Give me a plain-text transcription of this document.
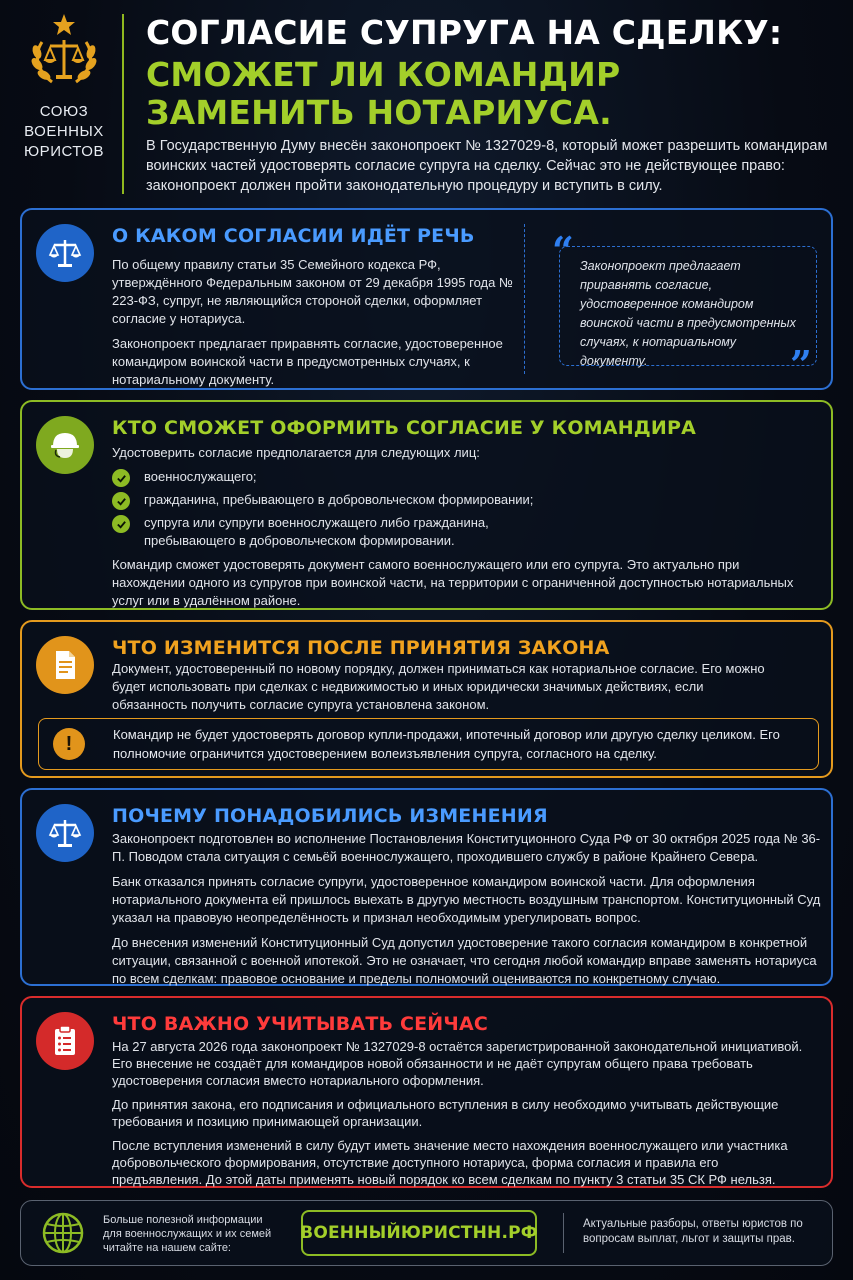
СОЮЗ
ВОЕННЫХ
ЮРИСТОВ
СОГЛАСИЕ СУПРУГА НА СДЕЛКУ:
СМОЖЕТ ЛИ КОМАНДИР ЗАМЕНИТЬ НОТАРИУСА.
В Государственную Думу внесён законопроект № 1327029-8, который может разрешить командирам воинских частей удостоверять согласие супруга на сделку. Сейчас это не действующее право: законопроект должен пройти законодательную процедуру и вступить в силу.
О КАКОМ СОГЛАСИИ ИДЁТ РЕЧЬ

По общему правилу статьи 35 Семейного кодекса РФ, утверждённого Федеральным законом от 29 декабря 1995 года № 223-ФЗ, супруг, не являющийся стороной сделки, оформляет согласие у нотариуса.

Законопроект предлагает приравнять согласие, удостоверенное командиром воинской части в предусмотренных случаях, к нотариальному документу.

“ Законопроект предлагает приравнять согласие, удостоверенное командиром воинской части в предусмотренных случаях, к нотариальному документу.	”
КТО СМОЖЕТ ОФОРМИТЬ СОГЛАСИЕ У КОМАНДИРА

Удостоверить согласие предполагается для следующих лиц:

военнослужащего;
гражданина, пребывающего в добровольческом формировании;
супруга или супруги военнослужащего либо гражданина, пребывающего в добровольческом формировании.

Командир сможет удостоверять документ самого военнослужащего или его супруга. Это актуально при нахождении одного из супругов при воинской части, на территории с ограниченной доступностью нотариальных услуг или в удалённом районе.

ЧТО ИЗМЕНИТСЯ ПОСЛЕ ПРИНЯТИЯ ЗАКОНА
Документ, удостоверенный по новому порядку, должен приниматься как нотариальное согласие. Его можно будет использовать при сделках с недвижимостью и иных юридически значимых действиях, если обязанность получить согласие супруга установлена законом.
!	Командир не будет удостоверять договор купли-продажи, ипотечный договор или другую сделку целиком. Его полномочие ограничится удостоверением волеизъявления супруга, согласного на сделку.
ПОЧЕМУ ПОНАДОБИЛИСЬ ИЗМЕНЕНИЯ

Законопроект подготовлен во исполнение Постановления Конституционного Суда РФ от 30 октября 2025 года № 36-П. Поводом стала ситуация с семьёй военнослужащего, проходившего службу в районе Крайнего Севера.

Банк отказался принять согласие супруги, удостоверенное командиром воинской части. Для оформления нотариального документа ей пришлось выехать в другую местность воздушным транспортом. Конституционный Суд указал на правовую неопределённость и признал необходимым урегулировать вопрос.

До внесения изменений Конституционный Суд допустил удостоверение такого согласия командиром в конкретной ситуации, связанной с военной ипотекой. Это не означает, что сегодня любой командир вправе заменять нотариуса по всем сделкам: правовое основание и пределы полномочий оцениваются по конкретному случаю.

ЧТО ВАЖНО УЧИТЫВАТЬ СЕЙЧАС

На 27 августа 2026 года законопроект № 1327029-8 остаётся зарегистрированной законодательной инициативой. Его внесение не создаёт для командиров новой обязанности и не даёт супругам общего права требовать удостоверения согласия вместо нотариального оформления.

До принятия закона, его подписания и официального вступления в силу необходимо учитывать действующие требования и позицию принимающей организации.

После вступления изменений в силу будут иметь значение место нахождения военнослужащего или участника добровольческого формирования, отсутствие доступного нотариуса, форма согласия и правила его предъявления. До этой даты применять новый порядок ко всем сделкам по пункту 3 статьи 35 СК РФ нельзя.

Больше полезной информации для военнослужащих и их семей читайте на нашем сайте:
ВОЕННЫЙЮРИСТНН.РФ	Актуальные разборы, ответы юристов по вопросам выплат, льгот и защиты прав.
